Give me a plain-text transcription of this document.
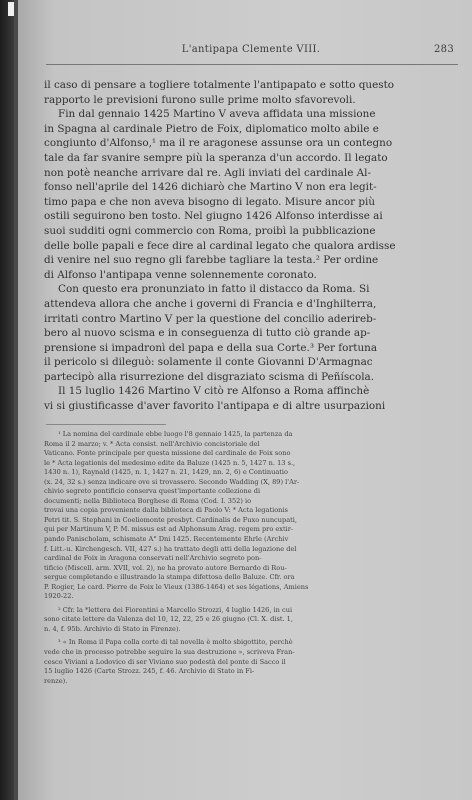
L'antipapa Clemente VIII.	283
il caso di pensare a togliere totalmente l'antipapato e sotto questo
rapporto le previsioni furono sulle prime molto sfavorevoli.
Fin dal gennaio 1425 Martino V aveva affidata una missione
in Spagna al cardinale Pietro de Foix, diplomatico molto abile e
congiunto d'Alfonso,¹ ma il re aragonese assunse ora un contegno
tale da far svanire sempre più la speranza d'un accordo. Il legato
non potè neanche arrivare dal re. Agli inviati del cardinale Al-
fonso nell'aprile del 1426 dichiarò che Martino V non era legit-
timo papa e che non aveva bisogno di legato. Misure ancor più
ostili seguirono ben tosto. Nel giugno 1426 Alfonso interdisse ai
suoi sudditi ogni commercio con Roma, proibì la pubblicazione
delle bolle papali e fece dire al cardinal legato che qualora ardisse
di venire nel suo regno gli farebbe tagliare la testa.² Per ordine
di Alfonso l'antipapa venne solennemente coronato.
Con questo era pronunziato in fatto il distacco da Roma. Si
attendeva allora che anche i governi di Francia e d'Inghilterra,
irritati contro Martino V per la questione del concilio aderireb-
bero al nuovo scisma e in conseguenza di tutto ciò grande ap-
prensione si impadronì del papa e della sua Corte.³ Per fortuna
il pericolo si dileguò: solamente il conte Giovanni D'Armagnac
partecipò alla risurrezione del disgraziato scisma di Peñíscola.
Il 15 luglio 1426 Martino V citò re Alfonso a Roma affinchè
vi si giustificasse d'aver favorito l'antipapa e di altre usurpazioni
¹ La nomina del cardinale ebbe luogo l'8 gennaio 1425, la partenza da
Roma il 2 marzo; v. * Acta consist. nell'Archivio concistoriale del
Vaticano. Fonte principale per questa missione del cardinale de Foix sono
le * Acta legationis del medesimo edite da Baluze (1425 n. 5, 1427 n. 13 s.,
1430 n. 1), Raynald (1425, n. 1, 1427 n. 21, 1429, nn. 2, 6) e Continuatio
(x. 24, 32 s.) senza indicare ove si trovassero. Secondo Wadding (X, 89) l'Ar-
chivio segreto pontificio conserva quest'importante collezione di
documenti; nella Biblioteca Borghese di Roma (Cod. I. 352) io
trovai una copia proveniente dalla biblioteca di Paolo V: * Acta legationis
Petri tit. S. Stephani in Coeliomonte presbyt. Cardinalis de Fuxo nuncupati,
qui per Martinum V, P. M. missus est ad Alphonsum Arag. regem pro extir-
pando Panischolam, schismate A° Dni 1425. Recentemente Ehrle (Archiv
f. Litt.-u. Kirchengesch. VII, 427 s.) ha trattato degli atti della legazione del
cardinal de Foix in Aragona conservati nell'Archivio segreto pon-
tificio (Miscell. arm. XVII, vol. 2), ne ha provato autore Bernardo di Rou-
sergue completando e illustrando la stampa difettosa dello Baluze. Cfr. ora
P. Rogier, Le card. Pierre de Foix le Vieux (1386-1464) et ses légations, Amiens
1920-22.
² Cfr. la *lettera dei Fiorentini a Marcello Strozzi, 4 luglio 1426, in cui
sono citate lettere da Valenza del 10, 12, 22, 25 e 26 giugno (Cl. X. dist. 1,
n. 4, f. 95b. Archivio di Stato in Firenze).
³ « In Roma il Papa colla corte di tal novella è molto sbigottito, perchè
vede che in processo potrebbe seguire la sua destruzione », scriveva Fran-
cesco Viviani a Lodovico di ser Viviano suo podestà del ponte di Sacco il
15 luglio 1426 (Carte Strozz. 245, f. 46. Archivio di Stato in Fi-
renze).
